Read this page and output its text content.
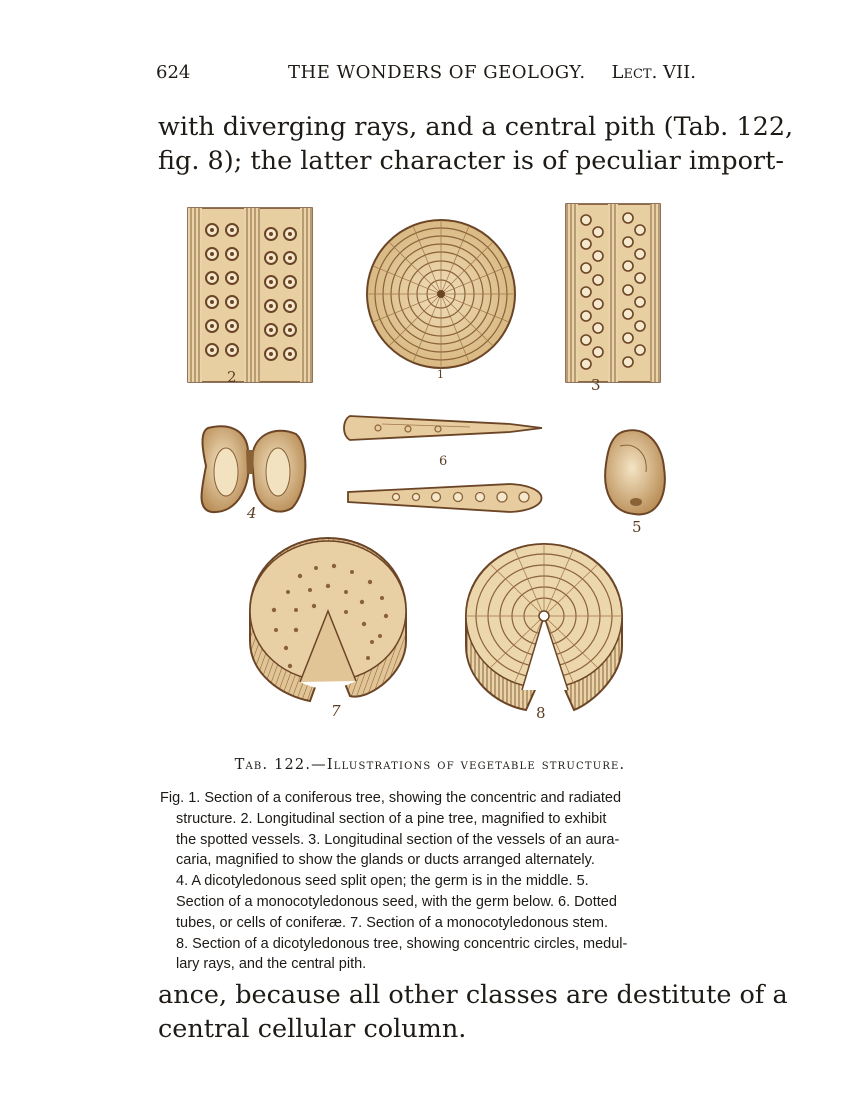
624	THE WONDERS OF GEOLOGY. Lect. VII.
with diverging rays, and a central pith (Tab. 122,
fig. 8); the latter character is of peculiar import-
2	1
3
6
4
5
7	8
Tab. 122.—Illustrations of vegetable structure.
Fig. 1. Section of a coniferous tree, showing the concentric and radiated
structure. 2. Longitudinal section of a pine tree, magnified to exhibit
the spotted vessels. 3. Longitudinal section of the vessels of an aura-
caria, magnified to show the glands or ducts arranged alternately.
4. A dicotyledonous seed split open; the germ is in the middle. 5.
Section of a monocotyledonous seed, with the germ below. 6. Dotted
tubes, or cells of coniferæ. 7. Section of a monocotyledonous stem.
8. Section of a dicotyledonous tree, showing concentric circles, medul-
lary rays, and the central pith.
ance, because all other classes are destitute of a
central cellular column.
